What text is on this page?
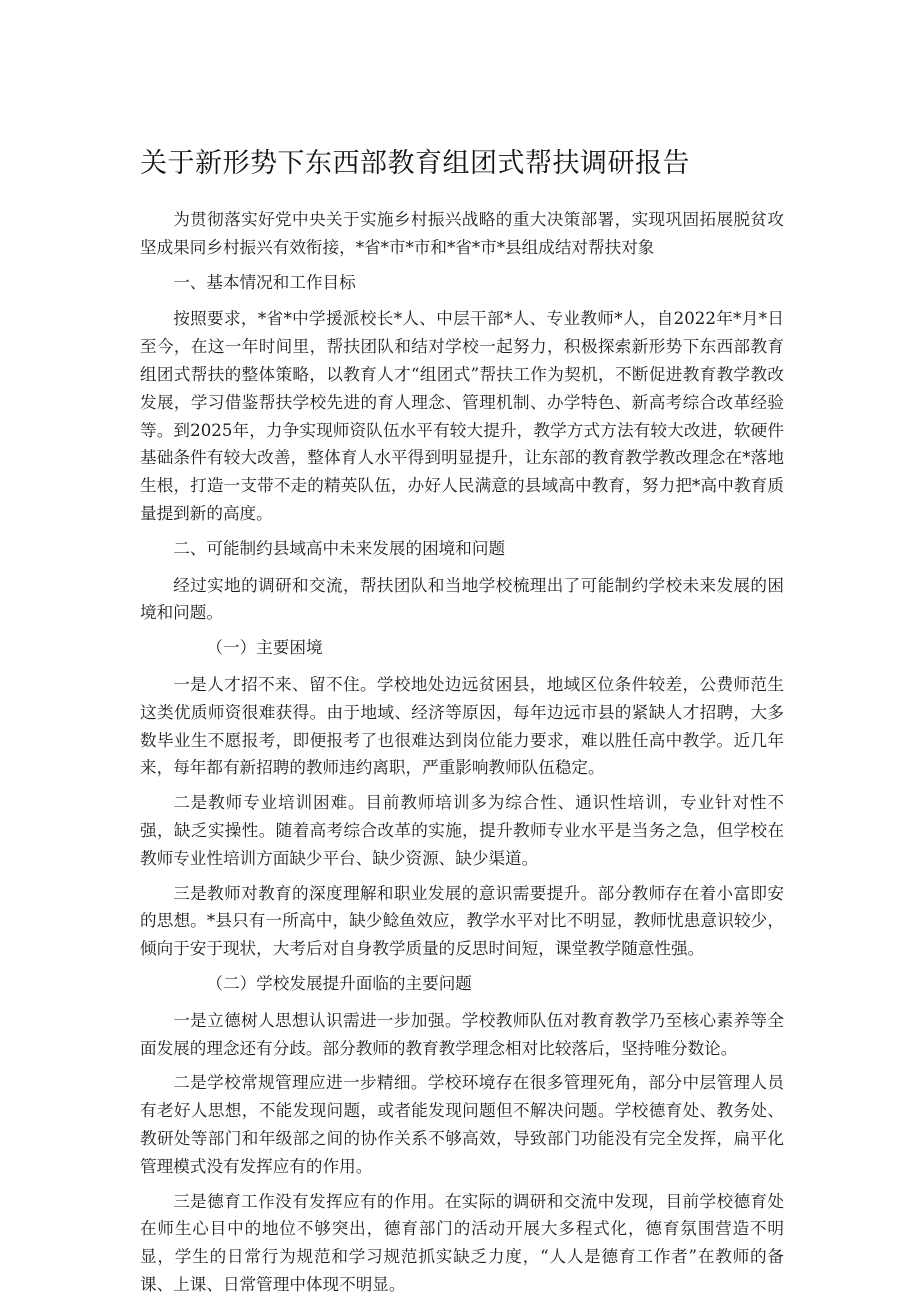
关于新形势下东西部教育组团式帮扶调研报告

为贯彻落实好党中央关于实施乡村振兴战略的重大决策部署，实现巩固拓展脱贫攻坚成果同乡村振兴有效衔接，*省*市*市和*省*市*县组成结对帮扶对象

一、基本情况和工作目标

按照要求，*省*中学援派校长*人、中层干部*人、专业教师*人，自2022年*月*日至今，在这一年时间里，帮扶团队和结对学校一起努力，积极探索新形势下东西部教育组团式帮扶的整体策略，以教育人才“组团式”帮扶工作为契机，不断促进教育教学教改发展，学习借鉴帮扶学校先进的育人理念、管理机制、办学特色、新高考综合改革经验等。到2025年，力争实现师资队伍水平有较大提升，教学方式方法有较大改进，软硬件基础条件有较大改善，整体育人水平得到明显提升，让东部的教育教学教改理念在*落地生根，打造一支带不走的精英队伍，办好人民满意的县域高中教育，努力把*高中教育质量提到新的高度。

二、可能制约县域高中未来发展的困境和问题

经过实地的调研和交流，帮扶团队和当地学校梳理出了可能制约学校未来发展的困境和问题。

（一）主要困境

一是人才招不来、留不住。学校地处边远贫困县，地域区位条件较差，公费师范生这类优质师资很难获得。由于地域、经济等原因，每年边远市县的紧缺人才招聘，大多数毕业生不愿报考，即便报考了也很难达到岗位能力要求，难以胜任高中教学。近几年来，每年都有新招聘的教师违约离职，严重影响教师队伍稳定。

二是教师专业培训困难。目前教师培训多为综合性、通识性培训，专业针对性不强，缺乏实操性。随着高考综合改革的实施，提升教师专业水平是当务之急，但学校在教师专业性培训方面缺少平台、缺少资源、缺少渠道。

三是教师对教育的深度理解和职业发展的意识需要提升。部分教师存在着小富即安的思想。*县只有一所高中，缺少鲶鱼效应，教学水平对比不明显，教师忧患意识较少，倾向于安于现状，大考后对自身教学质量的反思时间短，课堂教学随意性强。

（二）学校发展提升面临的主要问题

一是立德树人思想认识需进一步加强。学校教师队伍对教育教学乃至核心素养等全面发展的理念还有分歧。部分教师的教育教学理念相对比较落后，坚持唯分数论。

二是学校常规管理应进一步精细。学校环境存在很多管理死角，部分中层管理人员有老好人思想，不能发现问题，或者能发现问题但不解决问题。学校德育处、教务处、教研处等部门和年级部之间的协作关系不够高效，导致部门功能没有完全发挥，扁平化管理模式没有发挥应有的作用。

三是德育工作没有发挥应有的作用。在实际的调研和交流中发现，目前学校德育处在师生心目中的地位不够突出，德育部门的活动开展大多程式化，德育氛围营造不明显，学生的日常行为规范和学习规范抓实缺乏力度，“人人是德育工作者”在教师的备课、上课、日常管理中体现不明显。
